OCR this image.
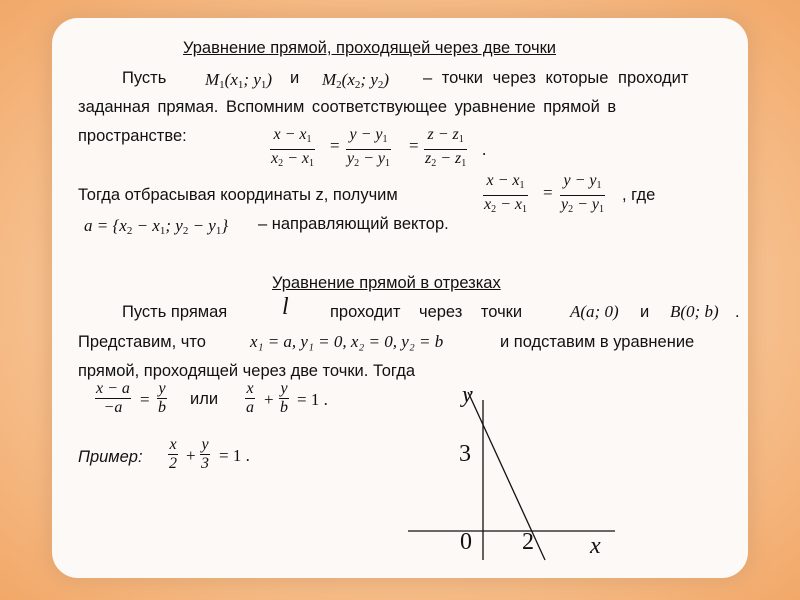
Уравнение прямой, проходящей через две точки
Пусть $M_1(x_1$; $y_1$) и $M_2(x_2$; $y_2$) – точки через которые проходит
заданная прямая. Вспомним соответствующее уравнение прямой в
пространстве:	$\frac{x - x_1}{x_2 - x_1} = \frac{y - y_1}{y_2 - y_1} = \frac{z - z_1}{z_2 - z_1}$ .
Тогда отбрасывая координаты z, получим	$\frac{x - x_1}{x_2 - x_1} = \frac{y - y_1}{y_2 - y_1}$ , где
$a = \{x_2 - x_1$; $y_2 - y_1$} – направляющий вектор.
Уравнение прямой в отрезках
Пусть прямая l	проходит через точки	A(a; 0) и B(0; b) .
Представим, что	x₁ = a, y₁ = 0, x₂ = 0, y₂ = b	и подставим в уравнение
прямой, проходящей через две точки. Тогда
$\frac{x - a}{-a} = \frac{y}{b}$ или $\frac{x}{a} + \frac{y}{b} = 1$ .
Пример: $\frac{x}{2} + \frac{y}{3} = 1$ .
y
x
0 2
3
